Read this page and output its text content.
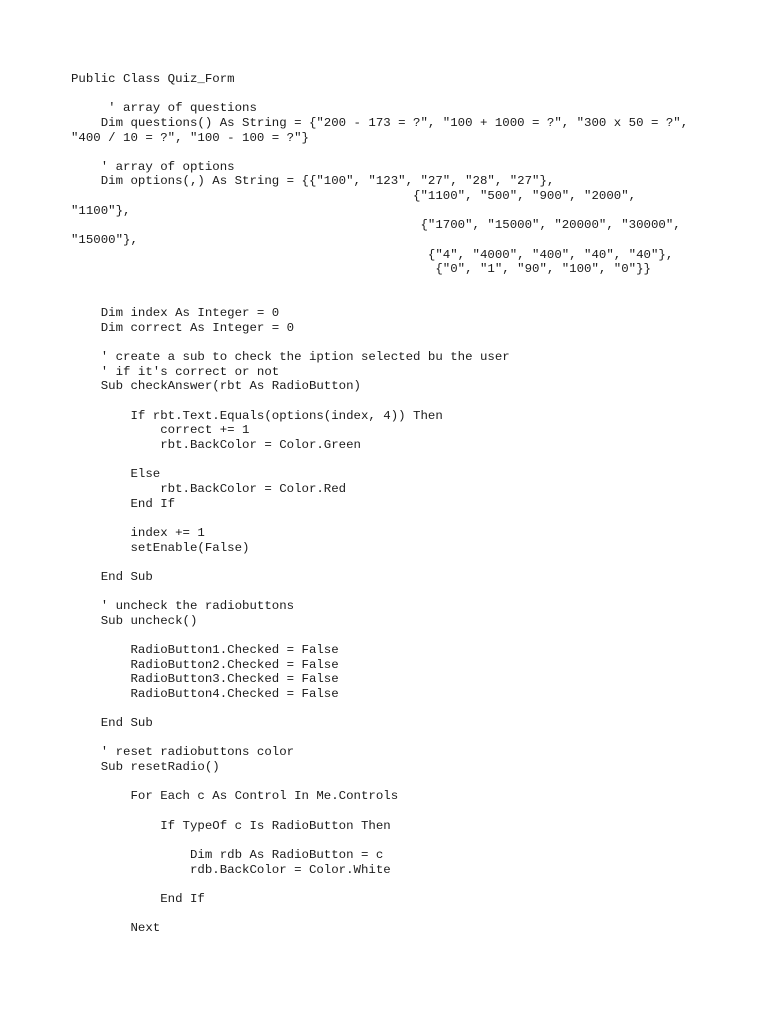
Public Class Quiz_Form
' array of questions
Dim questions() As String = {"200 - 173 = ?", "100 + 1000 = ?", "300 x 50 = ?",
"400 / 10 = ?", "100 - 100 = ?"}
' array of options
Dim options(,) As String = {{"100", "123", "27", "28", "27"},
{"1100", "500", "900", "2000",
"1100"},
{"1700", "15000", "20000", "30000",
"15000"},
{"4", "4000", "400", "40", "40"},
{"0", "1", "90", "100", "0"}}
Dim index As Integer = 0
Dim correct As Integer = 0
' create a sub to check the iption selected bu the user
' if it's correct or not
Sub checkAnswer(rbt As RadioButton)
If rbt.Text.Equals(options(index, 4)) Then
correct += 1
rbt.BackColor = Color.Green
Else
rbt.BackColor = Color.Red
End If
index += 1
setEnable(False)
End Sub
' uncheck the radiobuttons
Sub uncheck()
RadioButton1.Checked = False
RadioButton2.Checked = False
RadioButton3.Checked = False
RadioButton4.Checked = False
End Sub
' reset radiobuttons color
Sub resetRadio()
For Each c As Control In Me.Controls
If TypeOf c Is RadioButton Then
Dim rdb As RadioButton = c
rdb.BackColor = Color.White
End If
Next
